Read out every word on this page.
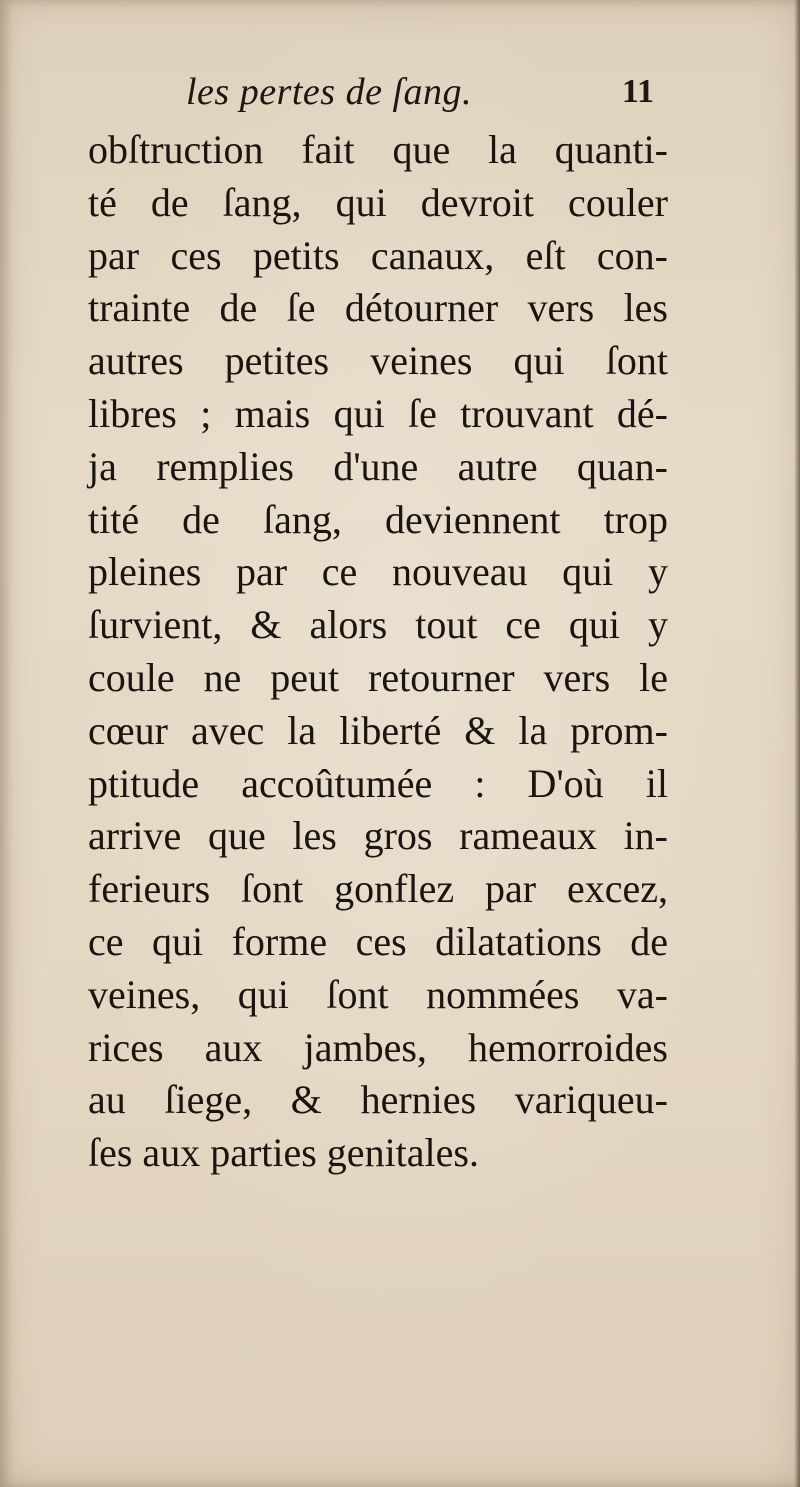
les pertes de ſang.	11
obſtruction fait que la quanti-
té de ſang, qui devroit couler
par ces petits canaux, eſt con-
trainte de ſe détourner vers les
autres petites veines qui ſont
libres ; mais qui ſe trouvant dé-
ja remplies d'une autre quan-
tité de ſang, deviennent trop
pleines par ce nouveau qui y
ſurvient, & alors tout ce qui y
coule ne peut retourner vers le
cœur avec la liberté & la prom-
ptitude accoûtumée : D'où il
arrive que les gros rameaux in-
ferieurs ſont gonflez par excez,
ce qui forme ces dilatations de
veines, qui ſont nommées va-
rices aux jambes, hemorroides
au ſiege, & hernies variqueu-
ſes aux parties genitales.
